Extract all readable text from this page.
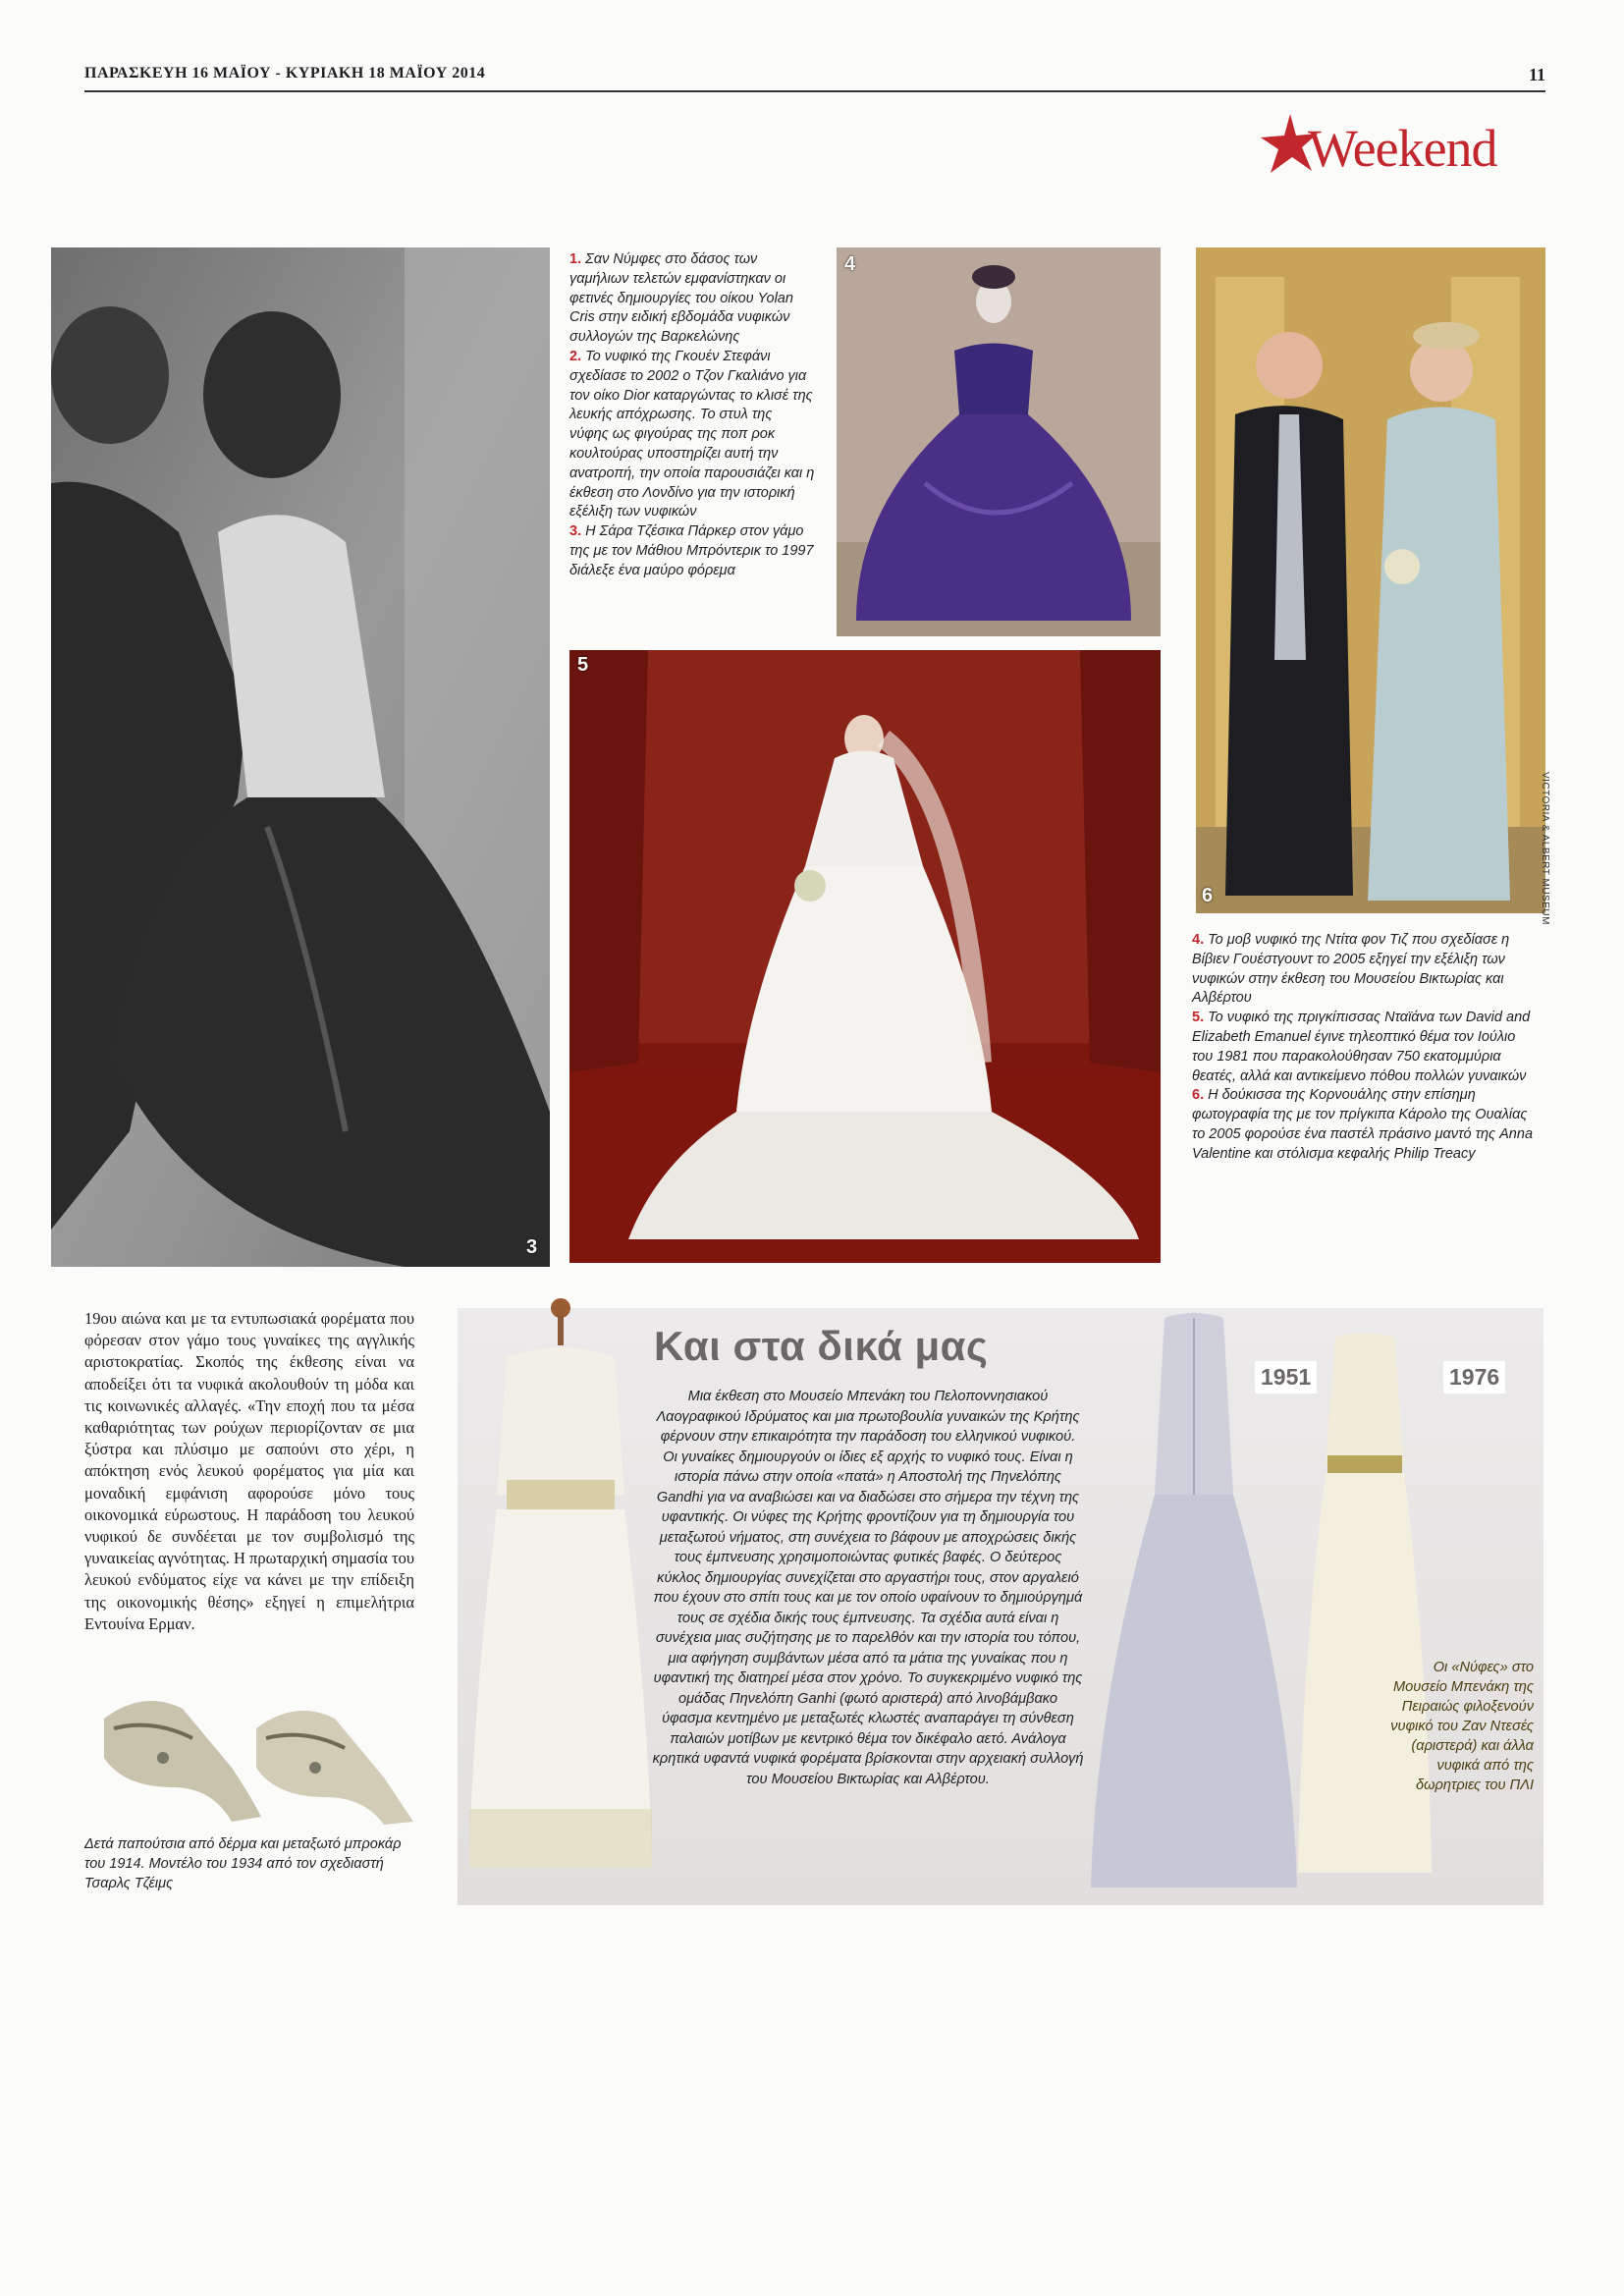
ΠΑΡΑΣΚΕΥΗ 16 ΜΑΪΟΥ - ΚΥΡΙΑΚΗ 18 ΜΑΪΟΥ 2014	11
Weekend
3

1. Σαν Νύμφες στο δάσος των γαμήλιων τελετών εμφανίστηκαν οι φετινές δημιουργίες του οίκου Yolan Cris στην ειδική εβδομάδα νυφικών συλλογών της Βαρκελώνης

2. Το νυφικό της Γκουέν Στεφάνι σχεδίασε το 2002 ο Τζον Γκαλιάνο για τον οίκο Dior καταργώντας το κλισέ της λευκής απόχρωσης. Το στυλ της νύφης ως φιγούρας της ποπ ροκ κουλτούρας υποστηρίζει αυτή την ανατροπή, την οποία παρουσιάζει και η έκθεση στο Λονδίνο για την ιστορική εξέλιξη των νυφικών

3. Η Σάρα Τζέσικα Πάρκερ στον γάμο της με τον Μάθιου Μπρόντερικ το 1997 διάλεξε ένα μαύρο φόρεμα

4
6	VICTORIA & ALBERT MUSEUM
5

4. Το μοβ νυφικό της Ντίτα φον Τιζ που σχεδίασε η Βίβιεν Γουέστγουντ το 2005 εξηγεί την εξέλιξη των νυφικών στην έκθεση του Μουσείου Βικτωρίας και Αλβέρτου

5. Το νυφικό της πριγκίπισσας Νταϊάνα των David and Elizabeth Emanuel έγινε τηλεοπτικό θέμα τον Ιούλιο του 1981 που παρακολούθησαν 750 εκατομμύρια θεατές, αλλά και αντικείμενο πόθου πολλών γυναικών

6. Η δούκισσα της Κορνουάλης στην επίσημη φωτογραφία της με τον πρίγκιπα Κάρολο της Ουαλίας το 2005 φορούσε ένα παστέλ πράσινο μαντό της Anna Valentine και στόλισμα κεφαλής Philip Treacy

19ου αιώνα και με τα εντυπωσιακά φορέματα που φόρεσαν στον γάμο τους γυναίκες της αγγλικής αριστοκρατίας. Σκοπός της έκθεσης είναι να αποδείξει ότι τα νυφικά ακολουθούν τη μόδα και τις κοινωνικές αλλαγές. «Την εποχή που τα μέσα καθαριότητας των ρούχων περιορίζονταν σε μια ξύστρα και πλύσιμο με σαπούνι στο χέρι, η απόκτηση ενός λευκού φορέματος για μία και μοναδική εμφάνιση αφορούσε μόνο τους οικονομικά εύρωστους. Η παράδοση του λευκού νυφικού δε συνδέεται με τον συμβολισμό της γυναικείας αγνότητας. Η πρωταρχική σημασία του λευκού ενδύματος είχε να κάνει με την επίδειξη της οικονομικής θέσης» εξηγεί η επιμελήτρια Εντουίνα Ερμαν.
Δετά παπούτσια από δέρμα και μεταξωτό μπροκάρ του 1914. Μοντέλο του 1934 από τον σχεδιαστή Τσαρλς Τζέιμς
Και στα δικά μας
Μια έκθεση στο Μουσείο Μπενάκη του Πελοποννησιακού Λαογραφικού Ιδρύματος και μια πρωτοβουλία γυναικών της Κρήτης φέρνουν στην επικαιρότητα την παράδοση του ελληνικού νυφικού. Οι γυναίκες δημιουργούν οι ίδιες εξ αρχής το νυφικό τους. Είναι η ιστορία πάνω στην οποία «πατά» η Αποστολή της Πηνελόπης Gandhi για να αναβιώσει και να διαδώσει στο σήμερα την τέχνη της υφαντικής. Οι νύφες της Κρήτης φροντίζουν για τη δημιουργία του μεταξωτού νήματος, στη συνέχεια το βάφουν με αποχρώσεις δικής τους έμπνευσης χρησιμοποιώντας φυτικές βαφές. Ο δεύτερος κύκλος δημιουργίας συνεχίζεται στο αργαστήρι τους, στον αργαλειό που έχουν στο σπίτι τους και με τον οποίο υφαίνουν το δημιούργημά τους σε σχέδια δικής τους έμπνευσης. Τα σχέδια αυτά είναι η συνέχεια μιας συζήτησης με το παρελθόν και την ιστορία του τόπου, μια αφήγηση συμβάντων μέσα από τα μάτια της γυναίκας που η υφαντική της διατηρεί μέσα στον χρόνο. Το συγκεκριμένο νυφικό της ομάδας Πηνελόπη Ganhi (φωτό αριστερά) από λινοβάμβακο ύφασμα κεντημένο με μεταξωτές κλωστές αναπαράγει τη σύνθεση παλαιών μοτίβων με κεντρικό θέμα τον δικέφαλο αετό. Ανάλογα κρητικά υφαντά νυφικά φορέματα βρίσκονται στην αρχειακή συλλογή του Μουσείου Βικτωρίας και Αλβέρτου.
1951	1976
Οι «Νύφες» στο Μουσείο Μπενάκη της Πειραιώς φιλοξενούν νυφικό του Ζαν Ντεσές (αριστερά) και άλλα νυφικά από της δωρητριες του ΠΛΙ
